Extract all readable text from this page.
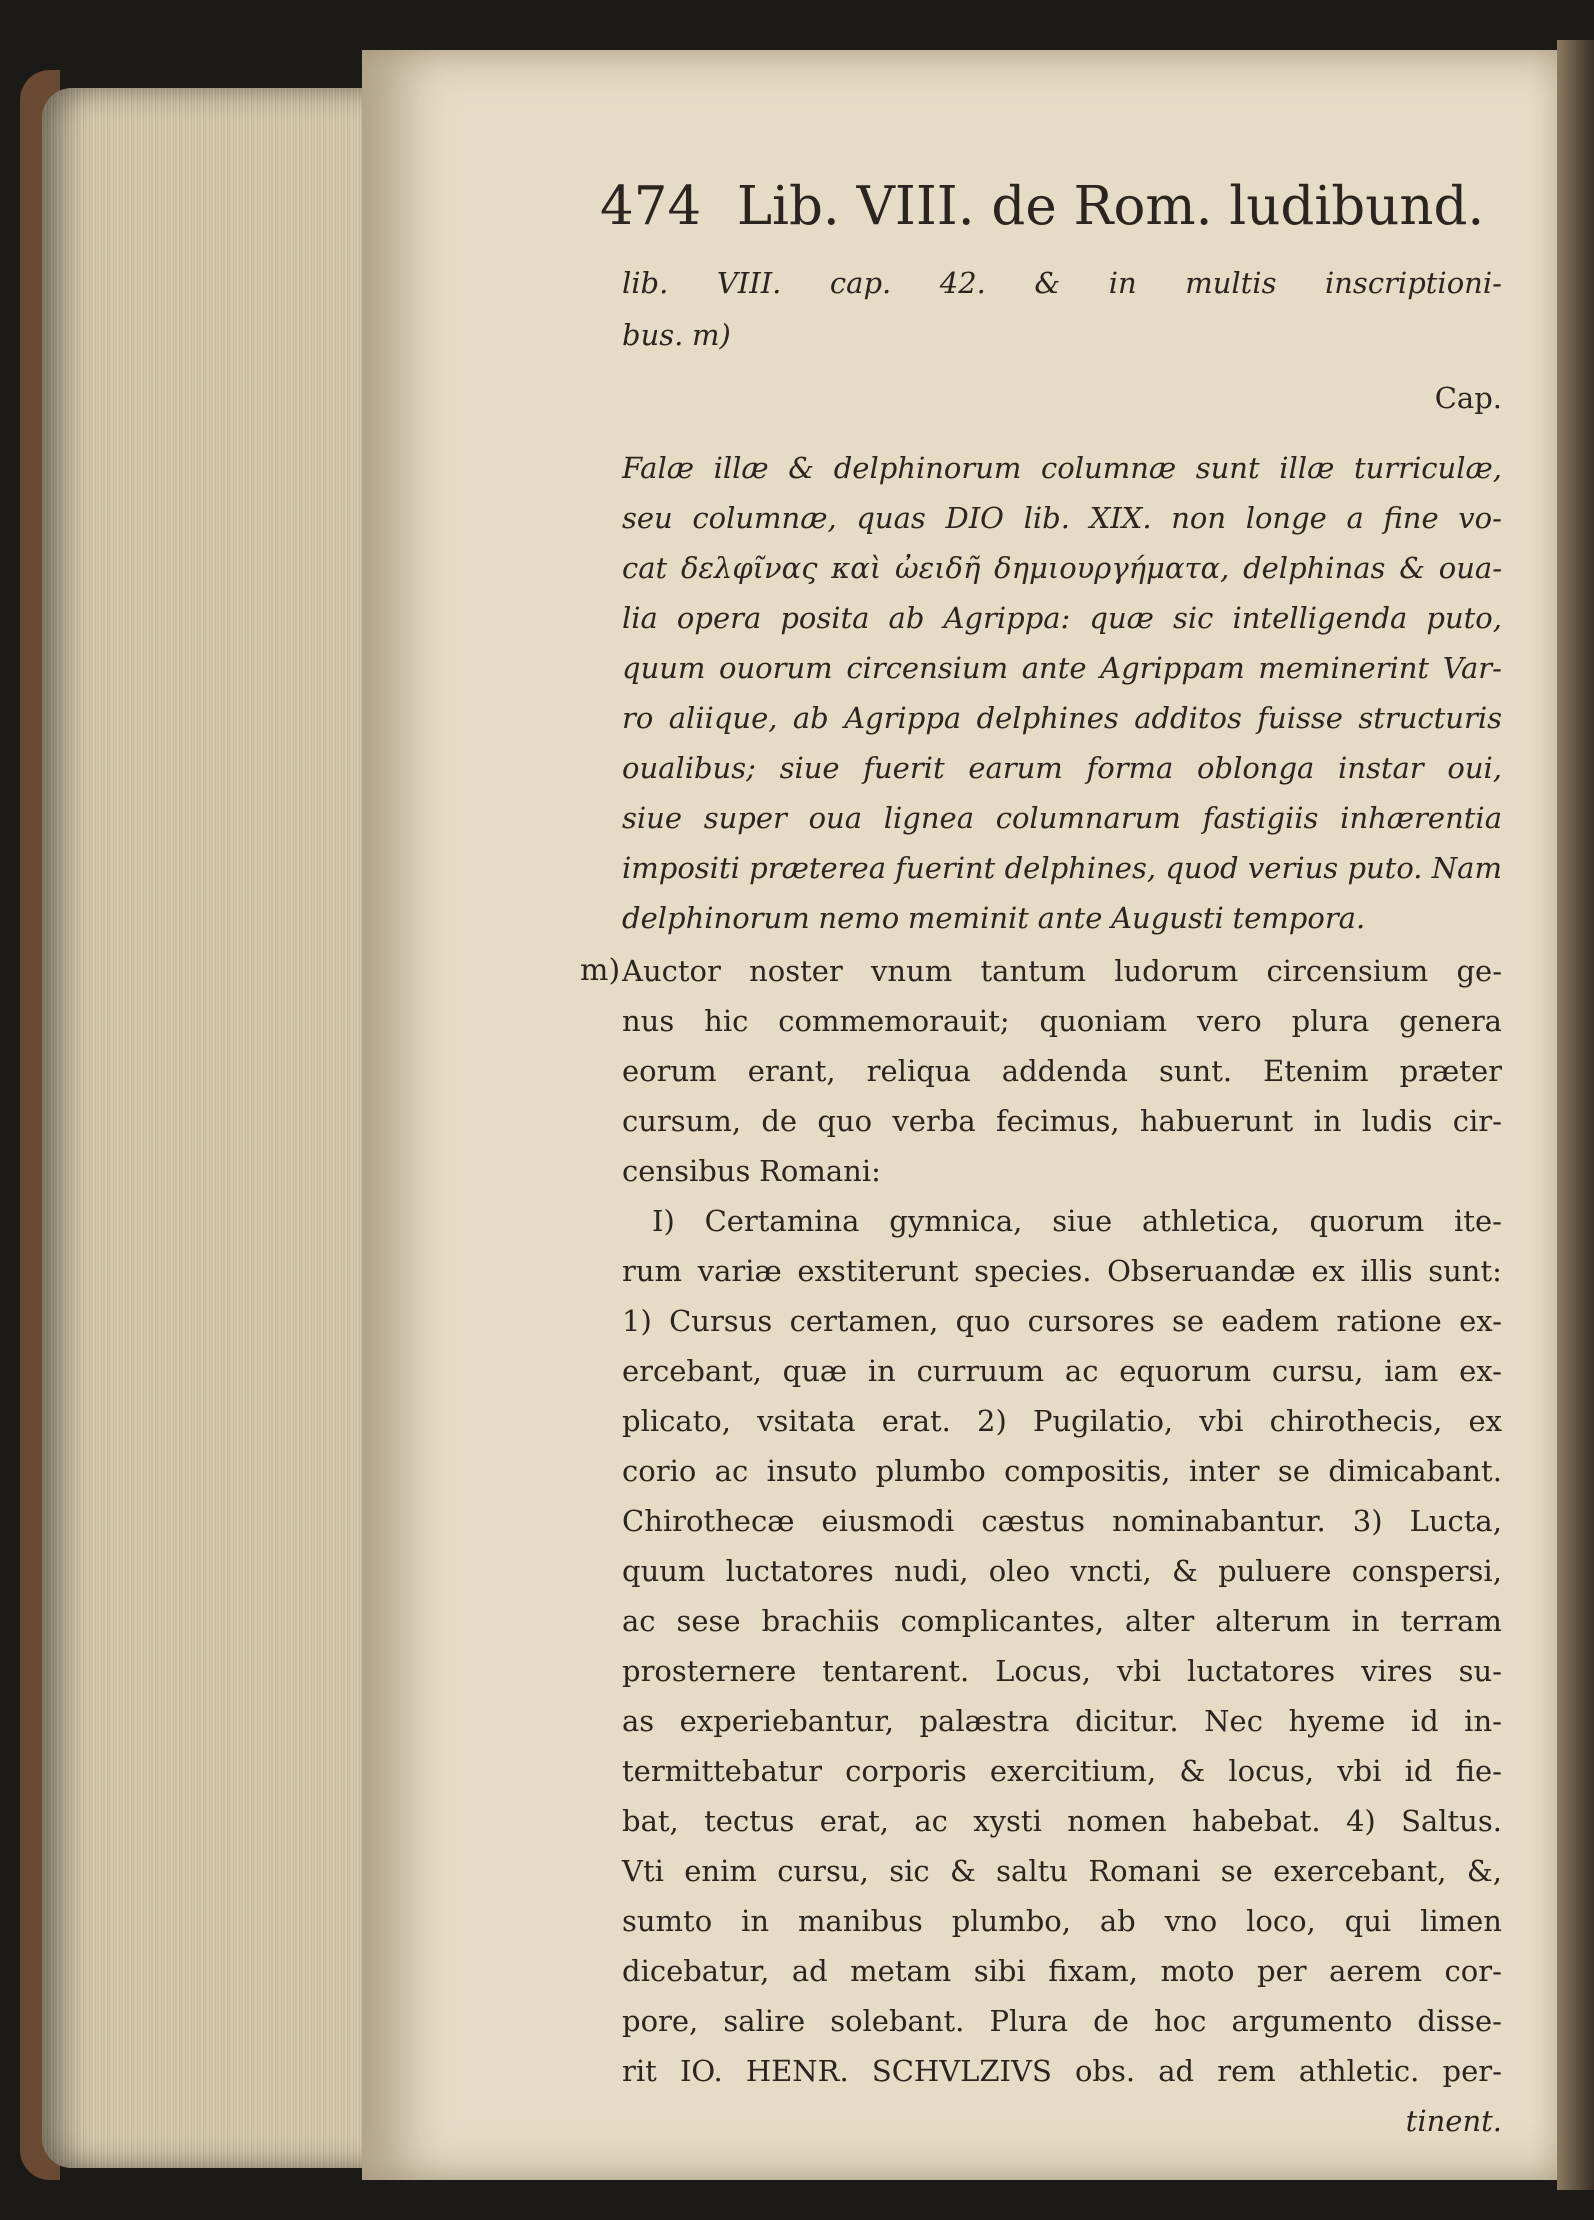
474 Lib. VIII. de Rom. ludibund.
lib. VIII. cap. 42. & in multis inscriptioni-
bus. m)
Cap.
Falæ illæ & delphinorum columnæ sunt illæ turriculæ,
seu columnæ, quas DIO lib. XIX. non longe a fine vo-
cat δελφῖνας καὶ ὠειδῆ δημιουργήματα, delphinas & oua-
lia opera posita ab Agrippa: quæ sic intelligenda puto,
quum ouorum circensium ante Agrippam meminerint Var-
ro aliique, ab Agrippa delphines additos fuisse structuris
oualibus; siue fuerit earum forma oblonga instar oui,
siue super oua lignea columnarum fastigiis inhærentia
impositi præterea fuerint delphines, quod verius puto. Nam
delphinorum nemo meminit ante Augusti tempora.
m) Auctor noster vnum tantum ludorum circensium ge-
nus hic commemorauit; quoniam vero plura genera
eorum erant, reliqua addenda sunt. Etenim præter
cursum, de quo verba fecimus, habuerunt in ludis cir-
censibus Romani:
I) Certamina gymnica, siue athletica, quorum ite-
rum variæ exstiterunt species. Obseruandæ ex illis sunt:
1) Cursus certamen, quo cursores se eadem ratione ex-
ercebant, quæ in curruum ac equorum cursu, iam ex-
plicato, vsitata erat. 2) Pugilatio, vbi chirothecis, ex
corio ac insuto plumbo compositis, inter se dimicabant.
Chirothecæ eiusmodi cæstus nominabantur. 3) Lucta,
quum luctatores nudi, oleo vncti, & puluere conspersi,
ac sese brachiis complicantes, alter alterum in terram
prosternere tentarent. Locus, vbi luctatores vires su-
as experiebantur, palæstra dicitur. Nec hyeme id in-
termittebatur corporis exercitium, & locus, vbi id fie-
bat, tectus erat, ac xysti nomen habebat. 4) Saltus.
Vti enim cursu, sic & saltu Romani se exercebant, &,
sumto in manibus plumbo, ab vno loco, qui limen
dicebatur, ad metam sibi fixam, moto per aerem cor-
pore, salire solebant. Plura de hoc argumento disse-
rit IO. HENR. SCHVLZIVS obs. ad rem athletic. per-
tinent.
